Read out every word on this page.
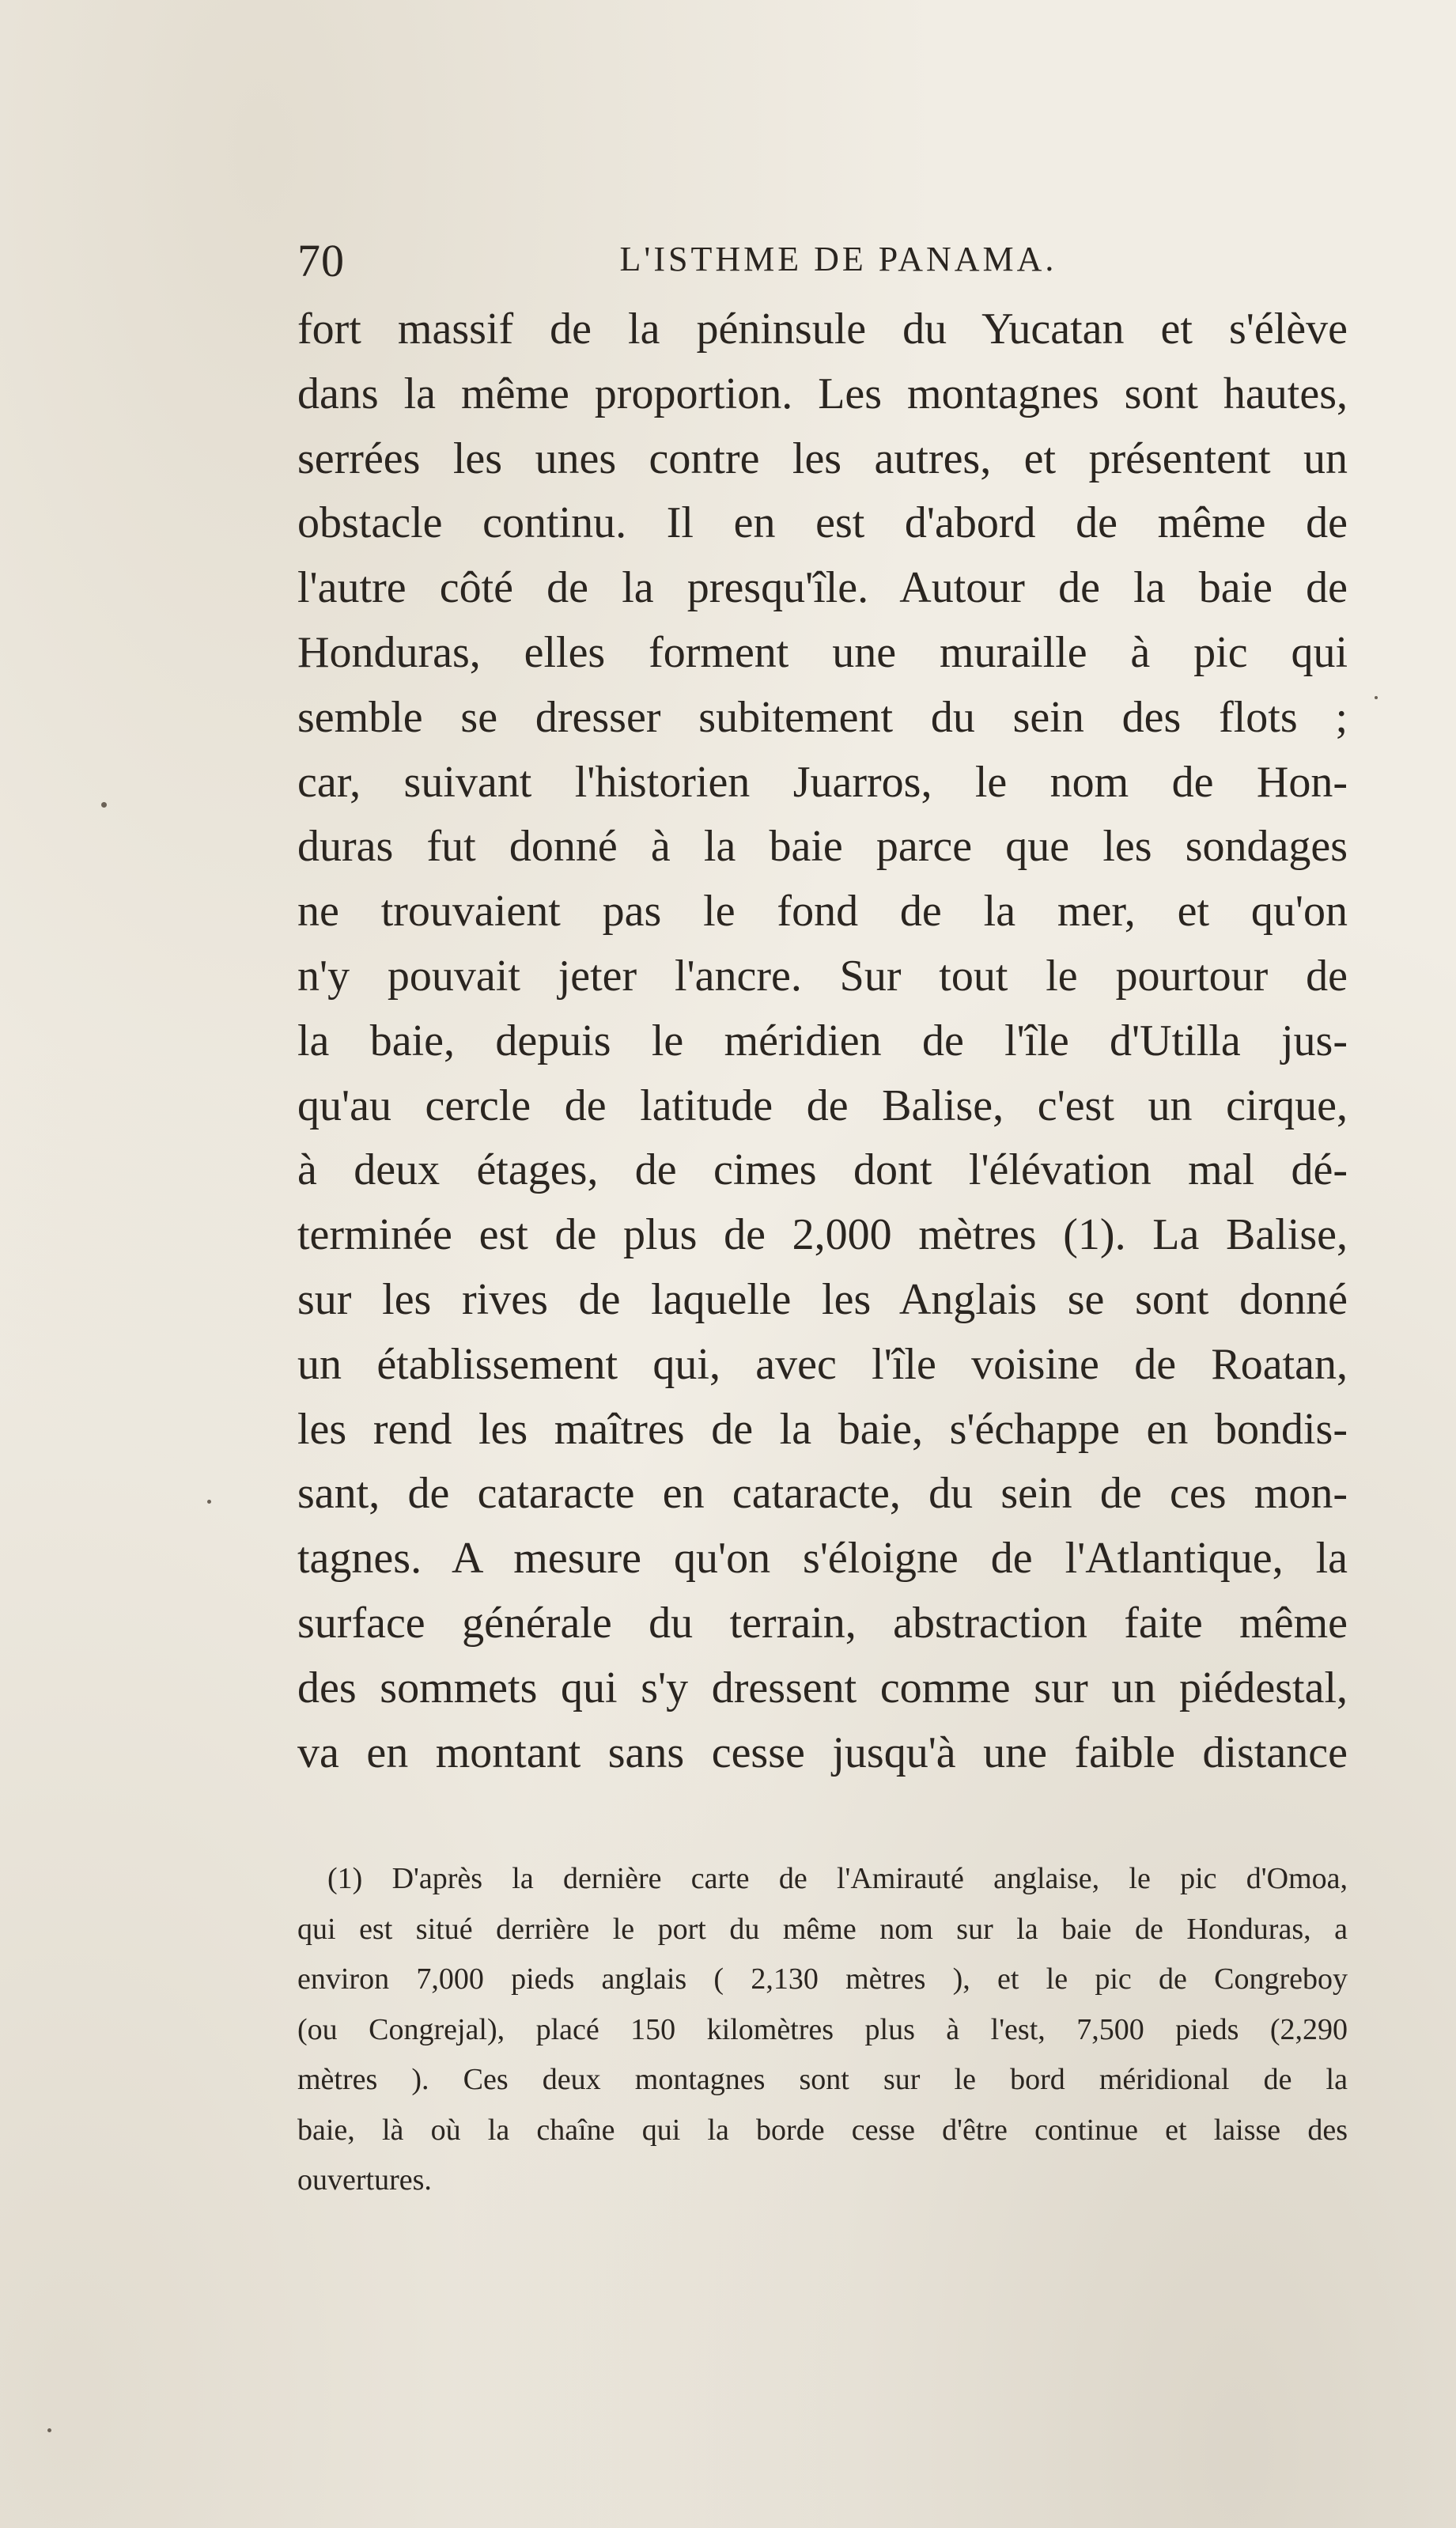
70	L'ISTHME DE PANAMA.
fort massif de la péninsule du Yucatan et s'élève
dans la même proportion. Les montagnes sont hautes,
serrées les unes contre les autres, et présentent un
obstacle continu. Il en est d'abord de même de
l'autre côté de la presqu'île. Autour de la baie de
Honduras, elles forment une muraille à pic qui
semble se dresser subitement du sein des flots ;
car, suivant l'historien Juarros, le nom de Hon-
duras fut donné à la baie parce que les sondages
ne trouvaient pas le fond de la mer, et qu'on
n'y pouvait jeter l'ancre. Sur tout le pourtour de
la baie, depuis le méridien de l'île d'Utilla jus-
qu'au cercle de latitude de Balise, c'est un cirque,
à deux étages, de cimes dont l'élévation mal dé-
terminée est de plus de 2,000 mètres (1). La Balise,
sur les rives de laquelle les Anglais se sont donné
un établissement qui, avec l'île voisine de Roatan,
les rend les maîtres de la baie, s'échappe en bondis-
sant, de cataracte en cataracte, du sein de ces mon-
tagnes. A mesure qu'on s'éloigne de l'Atlantique, la
surface générale du terrain, abstraction faite même
des sommets qui s'y dressent comme sur un piédestal,
va en montant sans cesse jusqu'à une faible distance
(1) D'après la dernière carte de l'Amirauté anglaise, le pic d'Omoa,
qui est situé derrière le port du même nom sur la baie de Honduras, a
environ 7,000 pieds anglais ( 2,130 mètres ), et le pic de Congreboy
(ou Congrejal), placé 150 kilomètres plus à l'est, 7,500 pieds (2,290
mètres ). Ces deux montagnes sont sur le bord méridional de la
baie, là où la chaîne qui la borde cesse d'être continue et laisse des
ouvertures.
